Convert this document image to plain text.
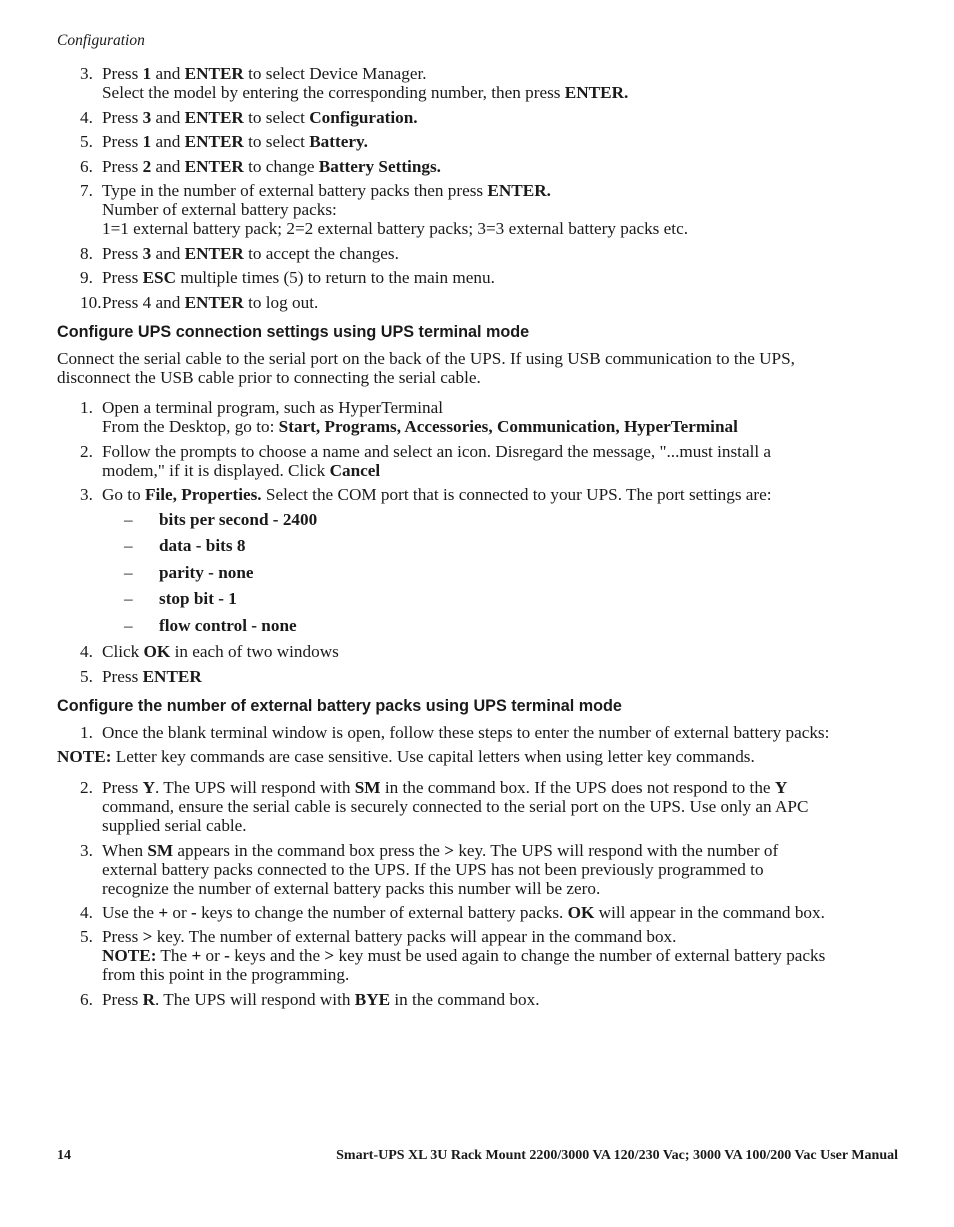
Configuration
3. Press 1 and ENTER to select Device Manager.
Select the model by entering the corresponding number, then press ENTER.
4. Press 3 and ENTER to select Configuration.
5. Press 1 and ENTER to select Battery.
6. Press 2 and ENTER to change Battery Settings.
7. Type in the number of external battery packs then press ENTER.
Number of external battery packs:
1=1 external battery pack; 2=2 external battery packs; 3=3 external battery packs etc.
8. Press 3 and ENTER to accept the changes.
9. Press ESC multiple times (5) to return to the main menu.
10. Press 4 and ENTER to log out.
Configure UPS connection settings using UPS terminal mode
Connect the serial cable to the serial port on the back of the UPS. If using USB communication to the UPS,
disconnect the USB cable prior to connecting the serial cable.
1. Open a terminal program, such as HyperTerminal
From the Desktop, go to: Start, Programs, Accessories, Communication, HyperTerminal
2. Follow the prompts to choose a name and select an icon. Disregard the message, "...must install a
modem," if it is displayed. Click Cancel
3. Go to File, Properties. Select the COM port that is connected to your UPS. The port settings are:
– bits per second - 2400
– data - bits 8
– parity - none
– stop bit - 1
– flow control - none
4. Click OK in each of two windows
5. Press ENTER
Configure the number of external battery packs using UPS terminal mode
1. Once the blank terminal window is open, follow these steps to enter the number of external battery packs:
NOTE: Letter key commands are case sensitive. Use capital letters when using letter key commands.
2. Press Y. The UPS will respond with SM in the command box. If the UPS does not respond to the Y
command, ensure the serial cable is securely connected to the serial port on the UPS. Use only an APC
supplied serial cable.
3. When SM appears in the command box press the > key. The UPS will respond with the number of
external battery packs connected to the UPS. If the UPS has not been previously programmed to
recognize the number of external battery packs this number will be zero.
4. Use the + or - keys to change the number of external battery packs. OK will appear in the command box.
5. Press > key. The number of external battery packs will appear in the command box.
NOTE: The + or - keys and the > key must be used again to change the number of external battery packs
from this point in the programming.
6. Press R. The UPS will respond with BYE in the command box.
14	Smart-UPS XL 3U Rack Mount 2200/3000 VA 120/230 Vac; 3000 VA 100/200 Vac User Manual
